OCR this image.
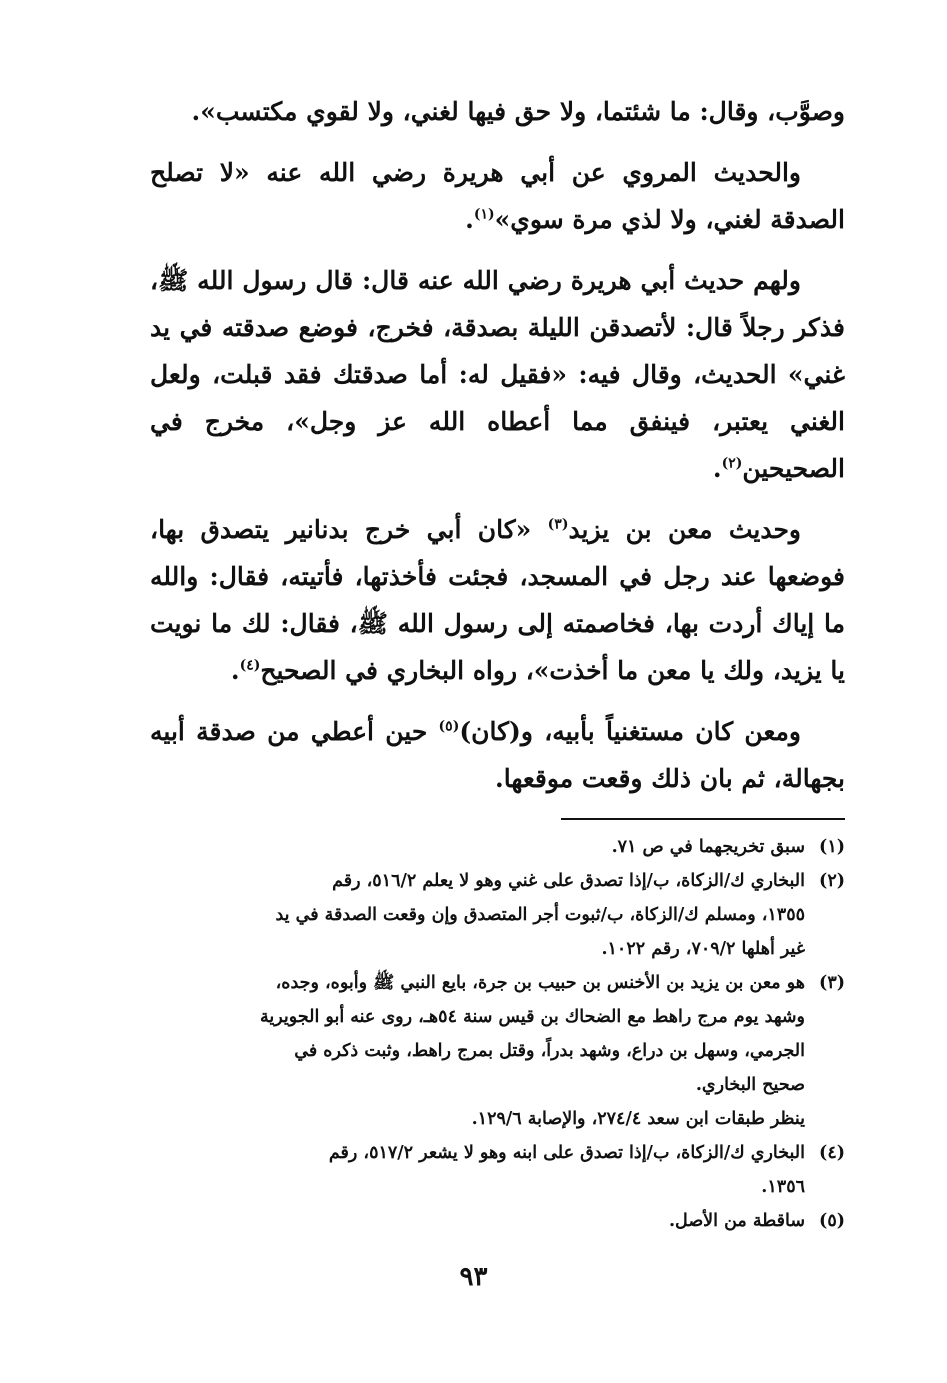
وصوَّب، وقال: ما شئتما، ولا حق فيها لغني، ولا لقوي مكتسب».

والحديث المروي عن أبي هريرة رضي الله عنه «لا تصلح الصدقة لغني، ولا لذي مرة سوي»$^{(١)}$.

ولهم حديث أبي هريرة رضي الله عنه قال: قال رسول الله ﷺ، فذكر رجلاً قال: لأتصدقن الليلة بصدقة، فخرج، فوضع صدقته في يد غني» الحديث، وقال فيه: «فقيل له: أما صدقتك فقد قبلت، ولعل الغني يعتبر، فينفق مما أعطاه الله عز وجل»، مخرج في الصحيحين$^{(٢)}$.

وحديث معن بن يزيد$^{(٣)}$ «كان أبي خرج بدنانير يتصدق بها، فوضعها عند رجل في المسجد، فجئت فأخذتها، فأتيته، فقال: والله ما إياك أردت بها، فخاصمته إلى رسول الله ﷺ، فقال: لك ما نويت يا يزيد، ولك يا معن ما أخذت»، رواه البخاري في الصحيح$^{(٤)}$.

ومعن كان مستغنياً بأبيه، و(كان)$^{(٥)}$ حين أعطي من صدقة أبيه بجهالة، ثم بان ذلك وقعت موقعها.

(١)
سبق تخريجهما في ص ٧١.
(٢)
البخاري ك/الزكاة، ب/إذا تصدق على غني وهو لا يعلم ٥١٦/٢، رقم
١٣٥٥، ومسلم ك/الزكاة، ب/ثبوت أجر المتصدق وإن وقعت الصدقة في يد
غير أهلها ٧٠٩/٢، رقم ١٠٢٢.
(٣)
هو معن بن يزيد بن الأخنس بن حبيب بن جرة، بايع النبي ﷺ وأبوه، وجده،
وشهد يوم مرج راهط مع الضحاك بن قيس سنة ٥٤هـ، روى عنه أبو الجويرية
الجرمي، وسهل بن دراع، وشهد بدراً، وقتل بمرج راهط، وثبت ذكره في
صحيح البخاري.
ينظر طبقات ابن سعد ٢٧٤/٤، والإصابة ١٢٩/٦.
(٤)
البخاري ك/الزكاة، ب/إذا تصدق على ابنه وهو لا يشعر ٥١٧/٢، رقم
١٣٥٦.
(٥)
ساقطة من الأصل.
٩٣
